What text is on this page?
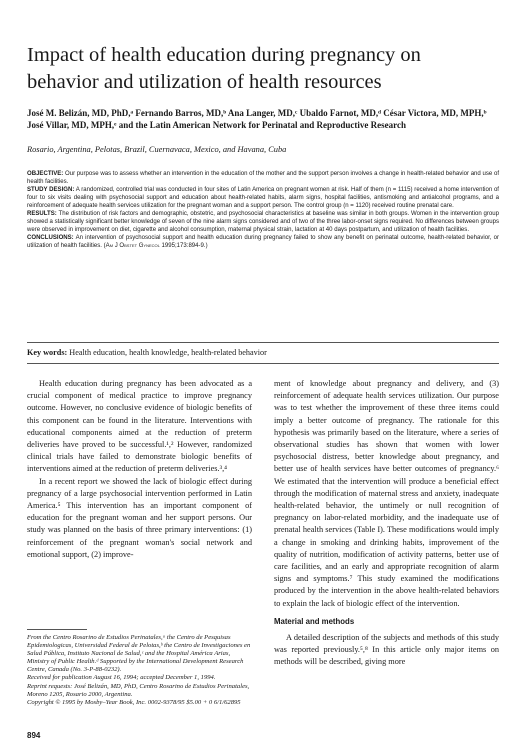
Impact of health education during pregnancy on behavior and utilization of health resources
José M. Belizán, MD, PhD,ᵃ Fernando Barros, MD,ᵇ Ana Langer, MD,ᶜ Ubaldo Farnot, MD,ᵈ César Victora, MD, MPH,ᵇ José Villar, MD, MPH,ᵉ and the Latin American Network for Perinatal and Reproductive Research
Rosario, Argentina, Pelotas, Brazil, Cuernavaca, Mexico, and Havana, Cuba

OBJECTIVE: Our purpose was to assess whether an intervention in the education of the mother and the support person involves a change in health-related behavior and use of health facilities.

STUDY DESIGN: A randomized, controlled trial was conducted in four sites of Latin America on pregnant women at risk. Half of them (n = 1115) received a home intervention of four to six visits dealing with psychosocial support and education about health-related habits, alarm signs, hospital facilities, antismoking and antialcohol programs, and a reinforcement of adequate health services utilization for the pregnant woman and a support person. The control group (n = 1120) received routine prenatal care.

RESULTS: The distribution of risk factors and demographic, obstetric, and psychosocial characteristics at baseline was similar in both groups. Women in the intervention group showed a statistically significant better knowledge of seven of the nine alarm signs considered and of two of the three labor-onset signs required. No differences between groups were observed in improvement on diet, cigarette and alcohol consumption, maternal physical strain, lactation at 40 days postpartum, and utilization of health facilities.

CONCLUSIONS: An intervention of psychosocial support and health education during pregnancy failed to show any benefit on perinatal outcome, health-related behavior, or utilization of health facilities. (Am J Obstet Gynecol 1995;173:894-9.)

Key words: Health education, health knowledge, health-related behavior

Health education during pregnancy has been advocated as a crucial component of medical practice to improve pregnancy outcome. However, no conclusive evidence of biologic benefits of this component can be found in the literature. Interventions with educational components aimed at the reduction of preterm deliveries have proved to be successful.¹,² However, randomized clinical trials have failed to demonstrate biologic benefits of interventions aimed at the reduction of preterm deliveries.³,⁴

In a recent report we showed the lack of biologic effect during pregnancy of a large psychosocial intervention performed in Latin America.⁵ This intervention has an important component of education for the pregnant woman and her support persons. Our study was planned on the basis of three primary interventions: (1) reinforcement of the pregnant woman's social network and emotional support, (2) improve-

From the Centro Rosarino de Estudios Perinatales,ᵃ the Centro de Pesquisas Epidemiologicas, Universidad Federal de Pelotas,ᵇ the Centro de Investigaciones en Salud Pública, Instituto Nacional de Salud,ᶜ and the Hospital América Arias, Ministry of Public Health.ᵈ Supported by the International Development Research Centre, Canada (No. 3-P-88-0232).

Received for publication August 16, 1994; accepted December 1, 1994.

Reprint requests: José Belizán, MD, PhD, Centro Rosarino de Estudios Perinatales, Moreno 1205, Rosario 2000, Argentina.

Copyright © 1995 by Mosby–Year Book, Inc. 0002-9378/95 $5.00 + 0 6/1/62895

ment of knowledge about pregnancy and delivery, and (3) reinforcement of adequate health services utilization. Our purpose was to test whether the improvement of these three items could imply a better outcome of pregnancy. The rationale for this hypothesis was primarily based on the literature, where a series of observational studies has shown that women with lower psychosocial distress, better knowledge about pregnancy, and better use of health services have better outcomes of pregnancy.⁶ We estimated that the intervention will produce a beneficial effect through the modification of maternal stress and anxiety, inadequate health-related behavior, the untimely or null recognition of pregnancy on labor-related morbidity, and the inadequate use of prenatal health services (Table I). These modifications would imply a change in smoking and drinking habits, improvement of the quality of nutrition, modification of activity patterns, better use of care facilities, and an early and appropriate recognition of alarm signs and symptoms.⁷ This study examined the modifications produced by the intervention in the above health-related behaviors to explain the lack of biologic effect of the intervention.

Material and methods

A detailed description of the subjects and methods of this study was reported previously.⁵,⁸ In this article only major items on methods will be described, giving more

894
